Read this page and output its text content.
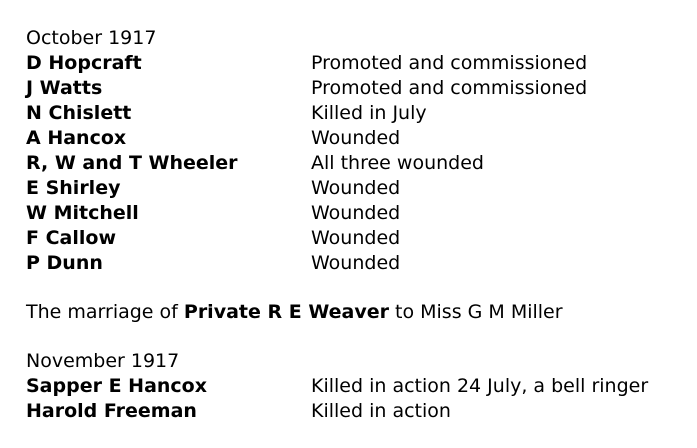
October 1917
D Hopcraft	Promoted and commissioned
J Watts	Promoted and commissioned
N Chislett	Killed in July
A Hancox	Wounded
R, W and T Wheeler	All three wounded
E Shirley	Wounded
W Mitchell	Wounded
F Callow	Wounded
P Dunn	Wounded
The marriage of Private R E Weaver to Miss G M Miller
November 1917
Sapper E Hancox	Killed in action 24 July, a bell ringer
Harold Freeman	Killed in action
